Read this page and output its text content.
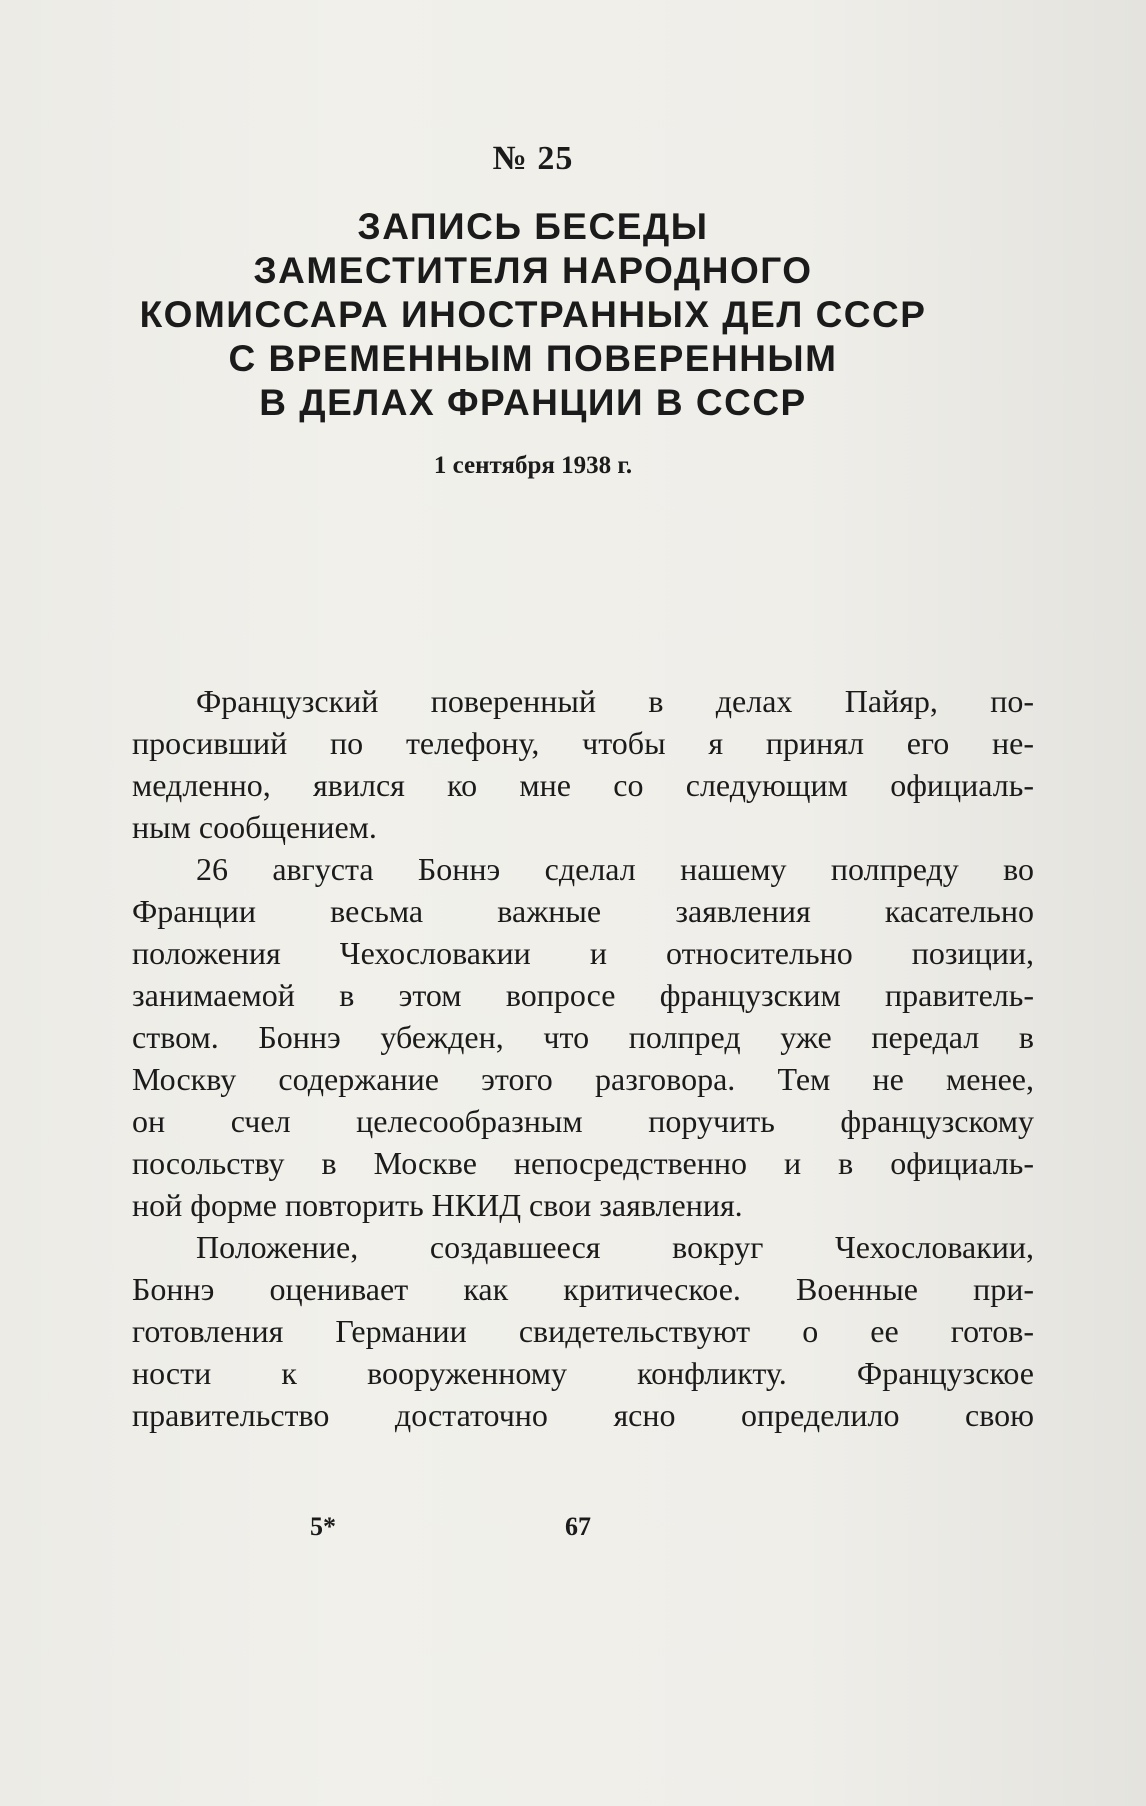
№ 25
ЗАПИСЬ БЕСЕДЫ
ЗАМЕСТИТЕЛЯ НАРОДНОГО
КОМИССАРА ИНОСТРАННЫХ ДЕЛ СССР
С ВРЕМЕННЫМ ПОВЕРЕННЫМ
В ДЕЛАХ ФРАНЦИИ В СССР
1 сентября 1938 г.

Французский поверенный в делах Пайяр, по-
просивший по телефону, чтобы я принял его не-
медленно, явился ко мне со следующим официаль-
ным сообщением.

26 августа Боннэ сделал нашему полпреду во
Франции весьма важные заявления касательно
положения Чехословакии и относительно позиции,
занимаемой в этом вопросе французским правитель-
ством. Боннэ убежден, что полпред уже передал в
Москву содержание этого разговора. Тем не менее,
он счел целесообразным поручить французскому
посольству в Москве непосредственно и в официаль-
ной форме повторить НКИД свои заявления.

Положение, создавшееся вокруг Чехословакии,
Боннэ оценивает как критическое. Военные при-
готовления Германии свидетельствуют о ее готов-
ности к вооруженному конфликту. Французское
правительство достаточно ясно определило свою

5*	67
